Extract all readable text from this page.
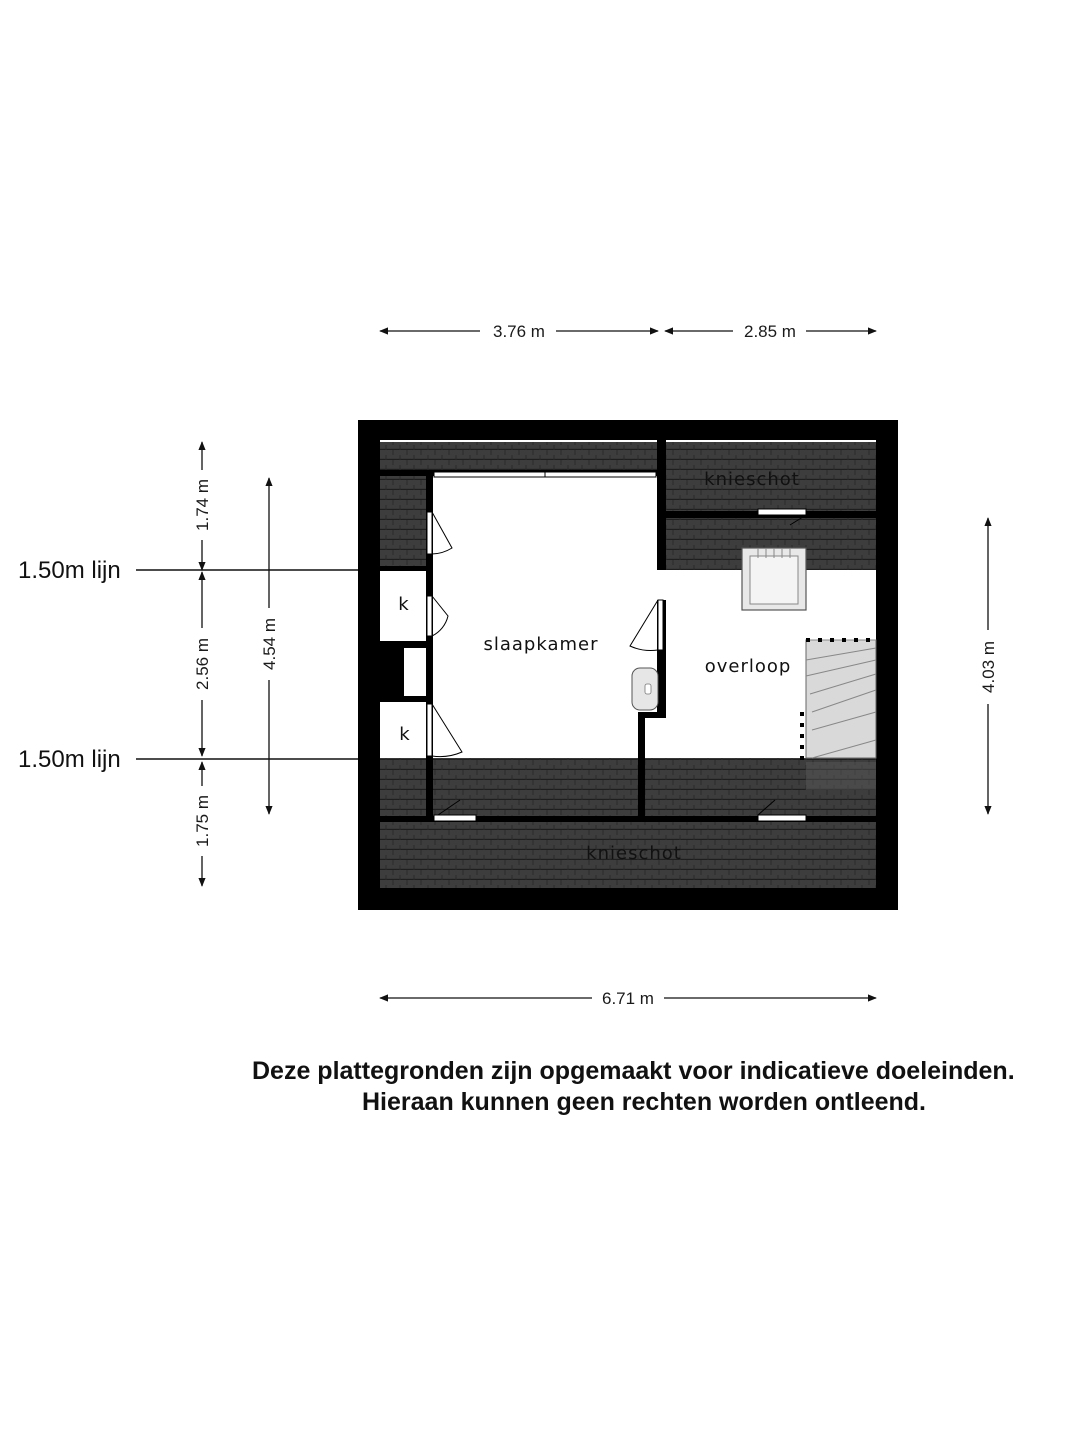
slaapkamer
overloop
knieschot
knieschot
k
k
3.76 m	2.85 m
6.71 m
1.74 m
2.56 m
1.75 m
4.54 m	4.03 m
1.50m lijn
1.50m lijn
Deze plattegronden zijn opgemaakt voor indicatieve doeleinden.
Hieraan kunnen geen rechten worden ontleend.
